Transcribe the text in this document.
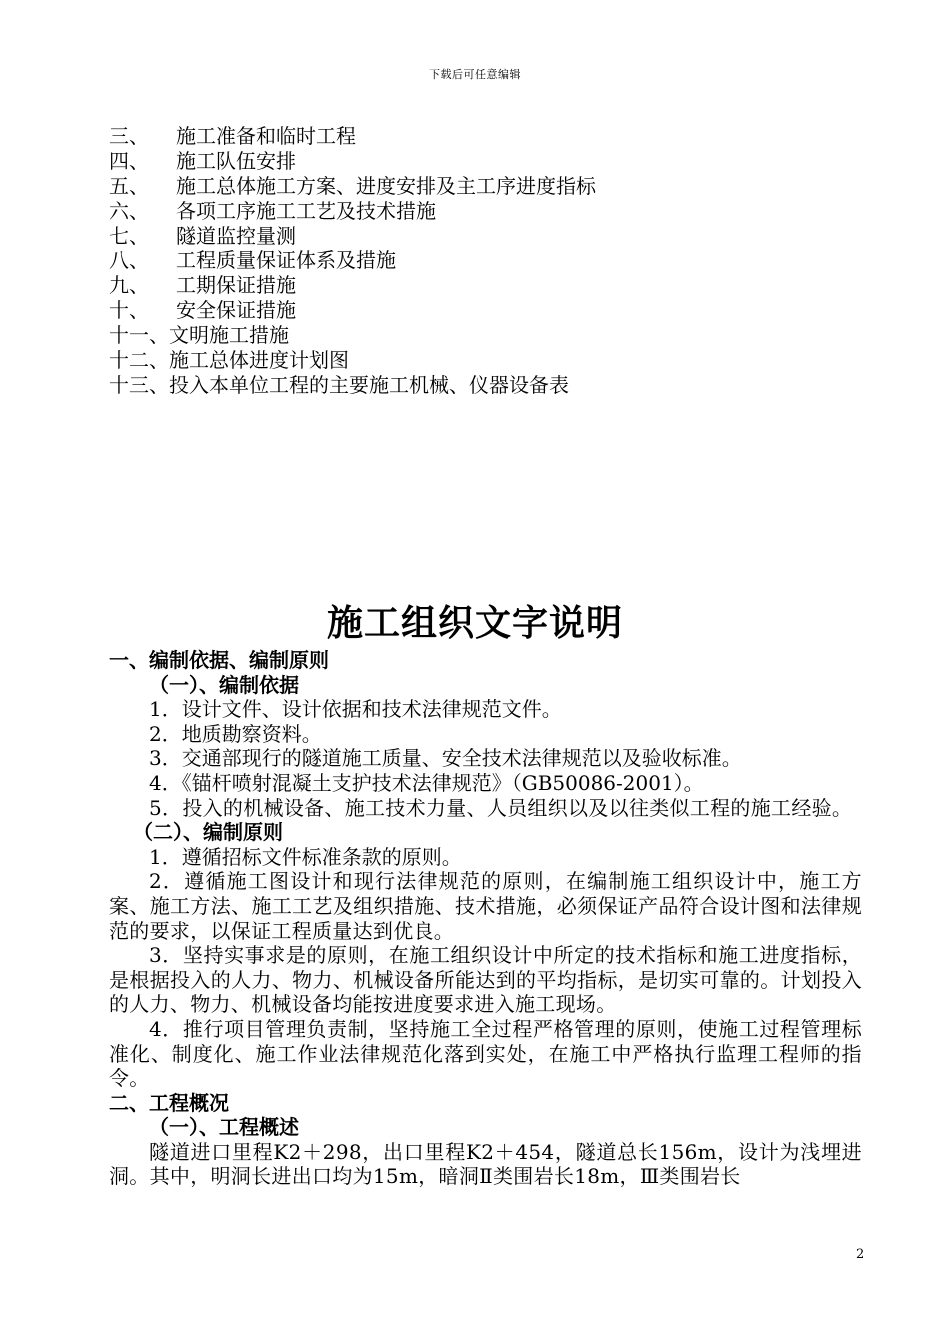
下载后可任意编辑
三、 施工准备和临时工程
四、 施工队伍安排
五、 施工总体施工方案、进度安排及主工序进度指标
六、 各项工序施工工艺及技术措施
七、 隧道监控量测
八、 工程质量保证体系及措施
九、 工期保证措施
十、 安全保证措施
十一、文明施工措施
十二、施工总体进度计划图
十三、投入本单位工程的主要施工机械、仪器设备表
施工组织文字说明
一、编制依据、编制原则
（一）、编制依据
1．设计文件、设计依据和技术法律规范文件。
2．地质勘察资料。
3．交通部现行的隧道施工质量、安全技术法律规范以及验收标准。
4．《锚杆喷射混凝土支护技术法律规范》（GB50086-2001）。
5．投入的机械设备、施工技术力量、人员组织以及以往类似工程的施工经验。
（二）、编制原则
1．遵循招标文件标准条款的原则。
2．遵循施工图设计和现行法律规范的原则，在编制施工组织设计中，施工方案、施工方法、施工工艺及组织措施、技术措施，必须保证产品符合设计图和法律规范的要求，以保证工程质量达到优良。
3．坚持实事求是的原则，在施工组织设计中所定的技术指标和施工进度指标，是根据投入的人力、物力、机械设备所能达到的平均指标，是切实可靠的。计划投入的人力、物力、机械设备均能按进度要求进入施工现场。
4．推行项目管理负责制，坚持施工全过程严格管理的原则，使施工过程管理标准化、制度化、施工作业法律规范化落到实处，在施工中严格执行监理工程师的指令。
二、工程概况
（一）、工程概述
隧道进口里程K2＋298，出口里程K2＋454，隧道总长156m，设计为浅埋进洞。其中，明洞长进出口均为15m，暗洞Ⅱ类围岩长18m，Ⅲ类围岩长
2
